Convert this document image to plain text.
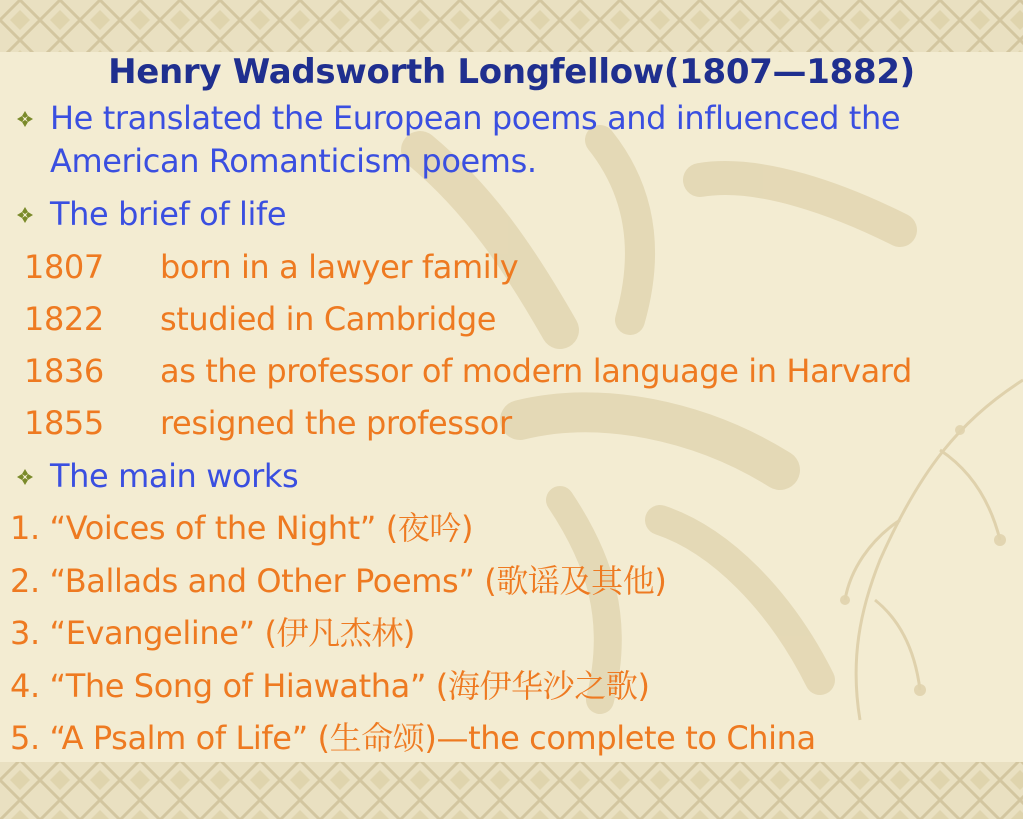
Henry Wadsworth Longfellow(1807—1882)
He translated the European poems and influenced the
American Romanticism poems.
The brief of life
1807 born in a lawyer family
1822 studied in Cambridge
1836 as the professor of modern language in Harvard
1855 resigned the professor
The main works
1. “Voices of the Night” (夜吟)
2. “Ballads and Other Poems” (歌谣及其他)
3. “Evangeline” (伊凡杰林)
4. “The Song of Hiawatha” (海伊华沙之歌)
5. “A Psalm of Life” (生命颂)—the complete to China
